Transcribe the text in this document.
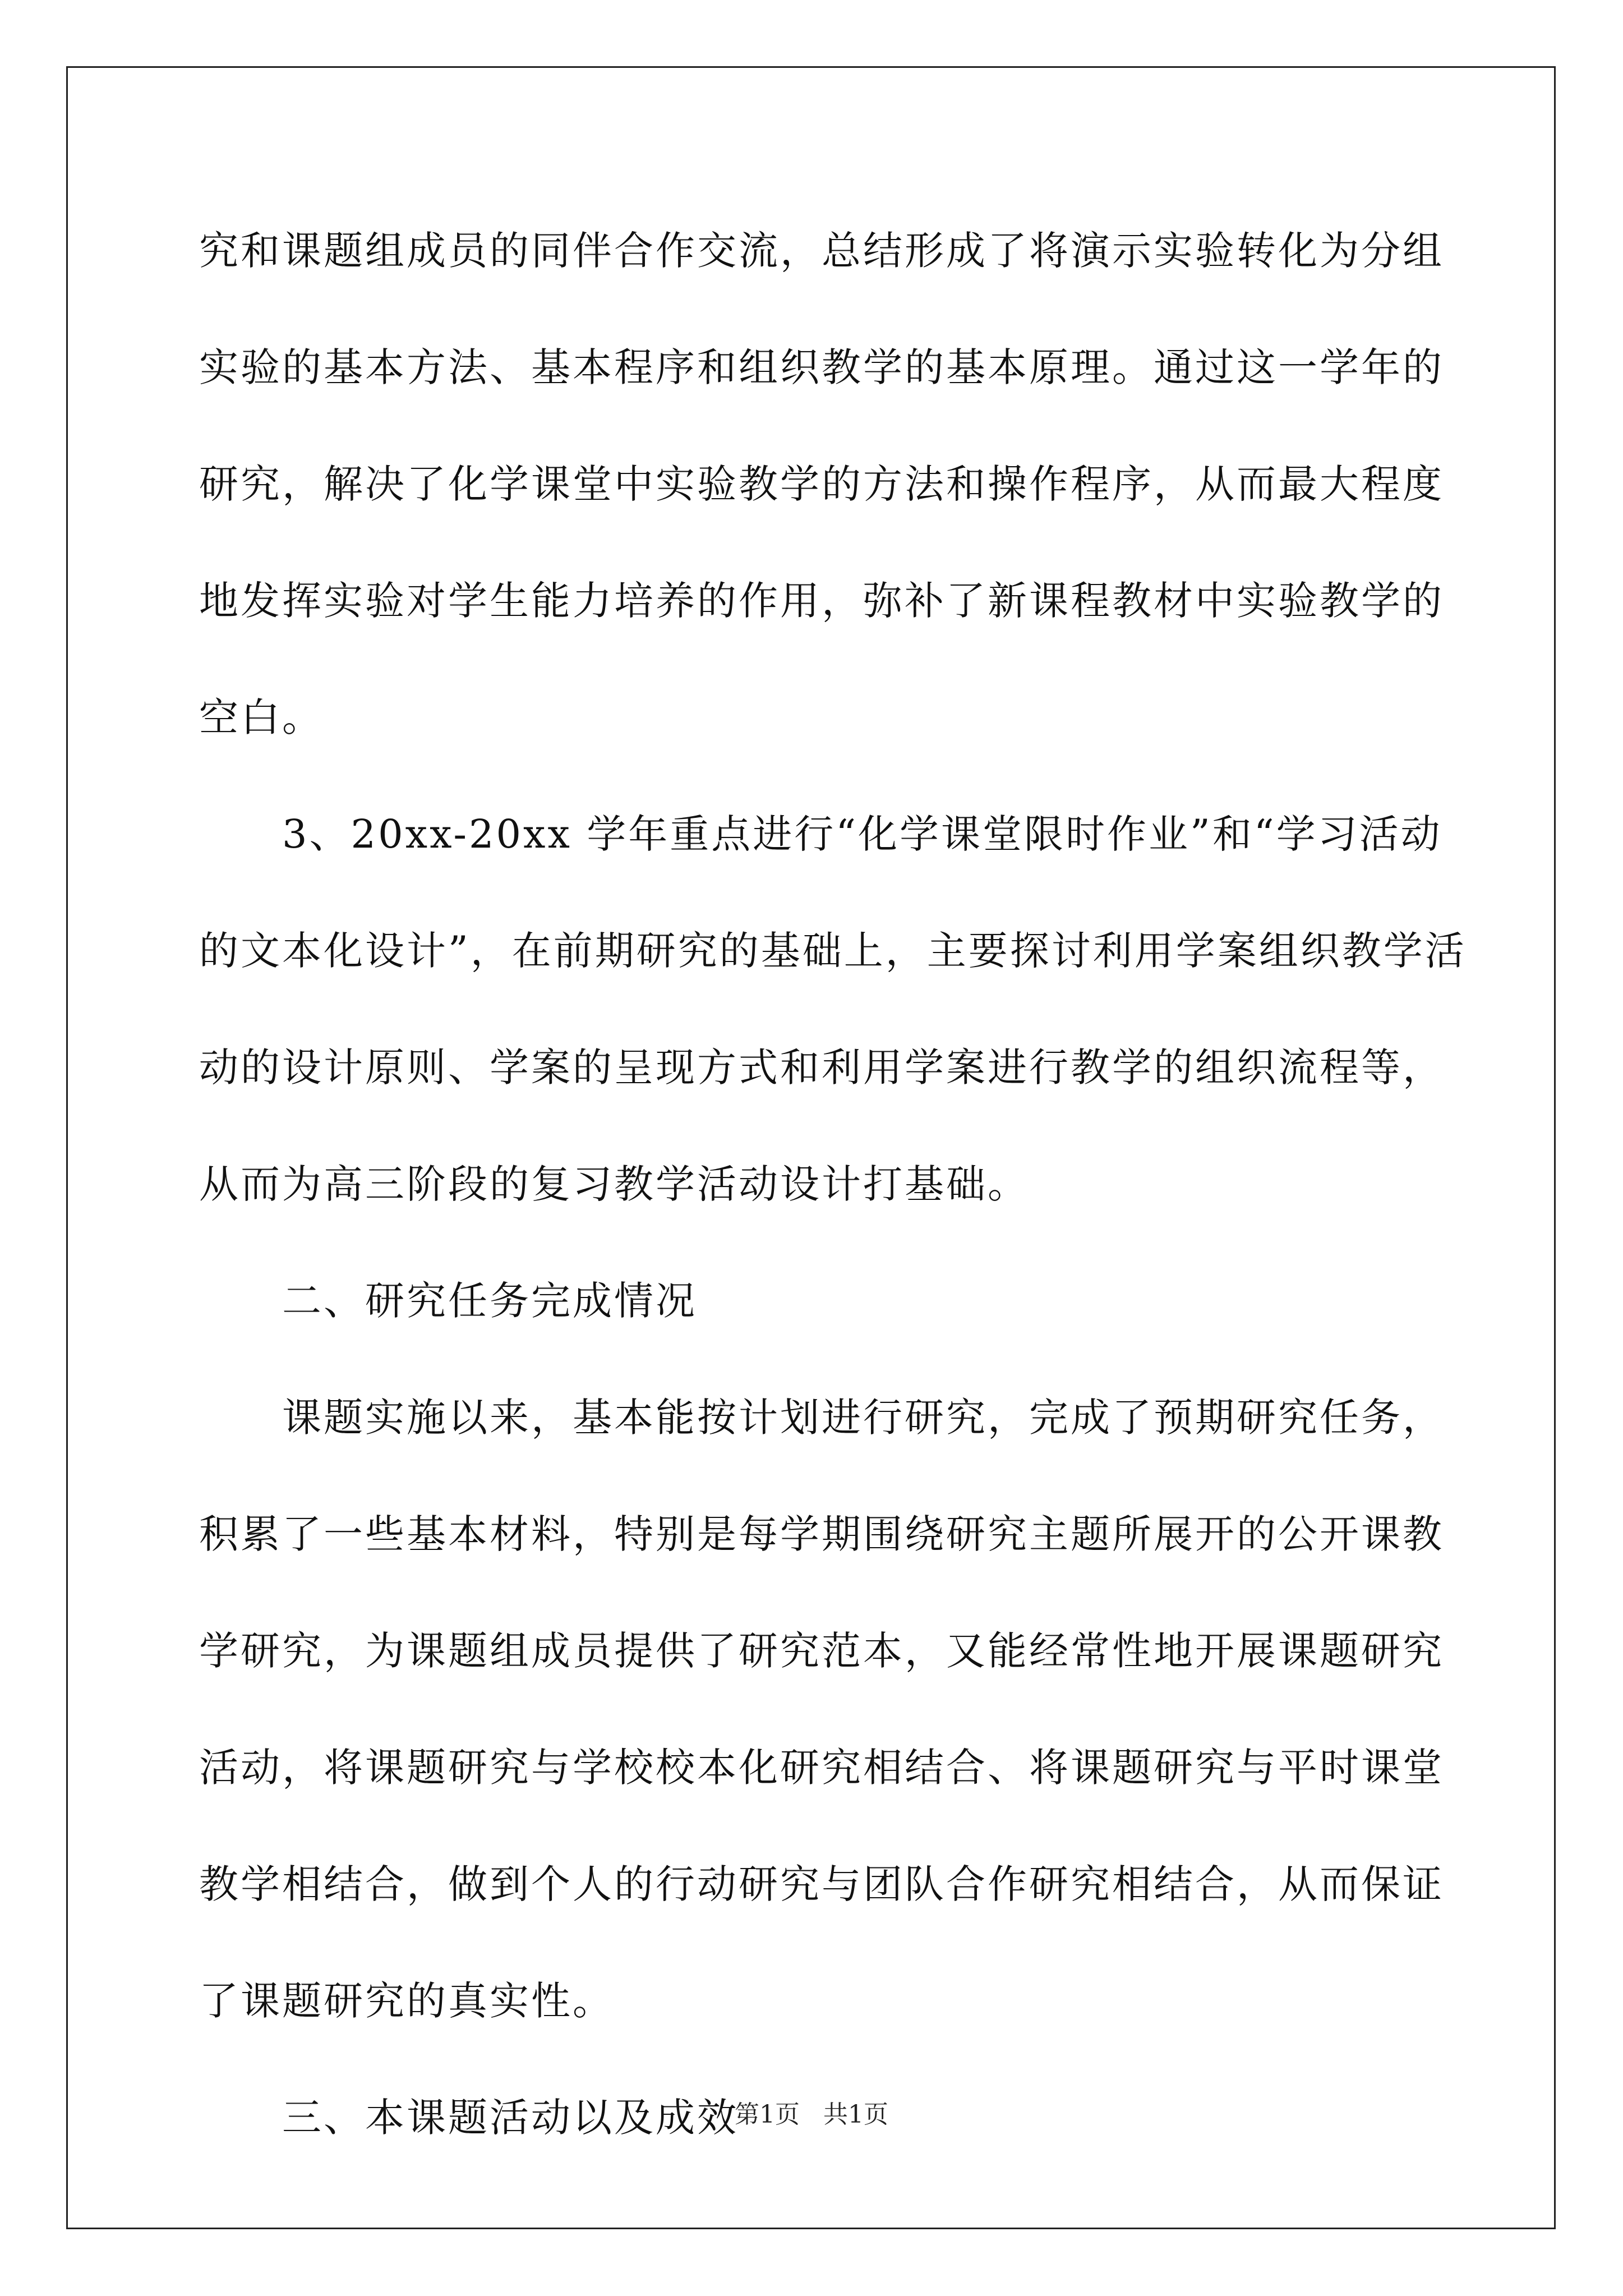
究和课题组成员的同伴合作交流，总结形成了将演示实验转化为分组
实验的基本方法、基本程序和组织教学的基本原理。通过这一学年的
研究，解决了化学课堂中实验教学的方法和操作程序，从而最大程度
地发挥实验对学生能力培养的作用，弥补了新课程教材中实验教学的
空白。
3、20xx-20xx 学年重点进行“化学课堂限时作业”和“学习活动
的文本化设计”，在前期研究的基础上，主要探讨利用学案组织教学活
动的设计原则、学案的呈现方式和利用学案进行教学的组织流程等，
从而为高三阶段的复习教学活动设计打基础。
二、研究任务完成情况
课题实施以来，基本能按计划进行研究，完成了预期研究任务，
积累了一些基本材料，特别是每学期围绕研究主题所展开的公开课教
学研究，为课题组成员提供了研究范本，又能经常性地开展课题研究
活动，将课题研究与学校校本化研究相结合、将课题研究与平时课堂
教学相结合，做到个人的行动研究与团队合作研究相结合，从而保证
了课题研究的真实性。
三、本课题活动以及成效
第1页   共1页
